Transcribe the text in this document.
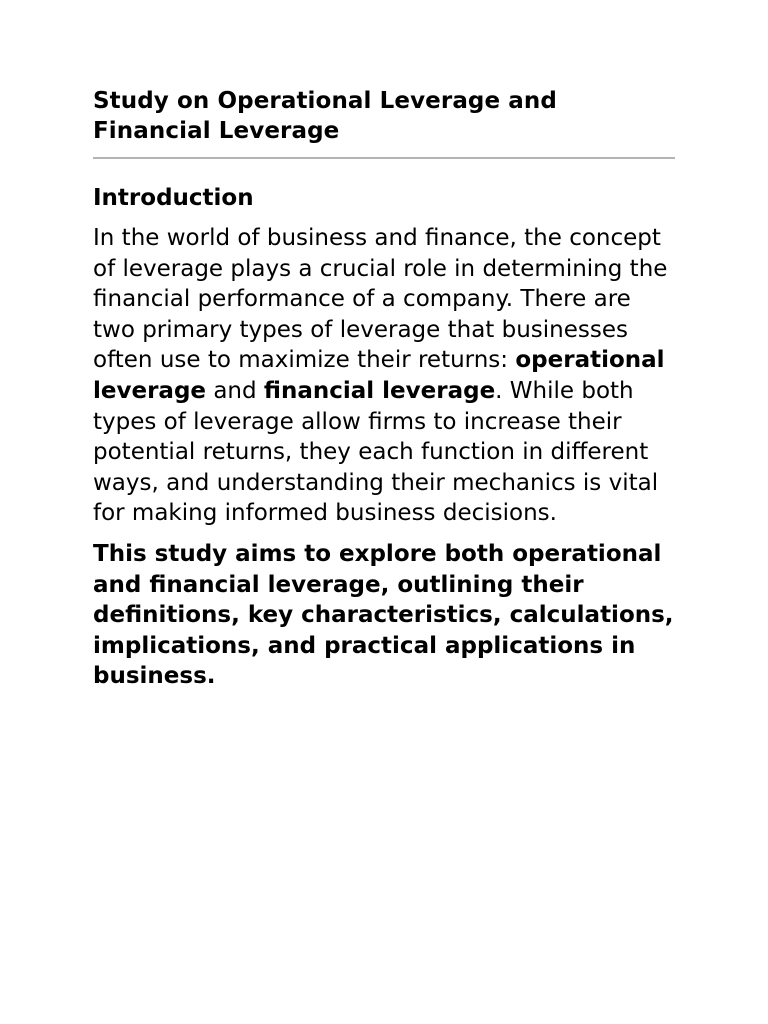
Study on Operational Leverage and Financial Leverage
Introduction

In the world of business and finance, the concept of leverage plays a crucial role in determining the financial performance of a company. There are two primary types of leverage that businesses often use to maximize their returns: operational leverage and financial leverage. While both types of leverage allow firms to increase their potential returns, they each function in different ways, and understanding their mechanics is vital for making informed business decisions.

This study aims to explore both operational and financial leverage, outlining their definitions, key characteristics, calculations, implications, and practical applications in business.
